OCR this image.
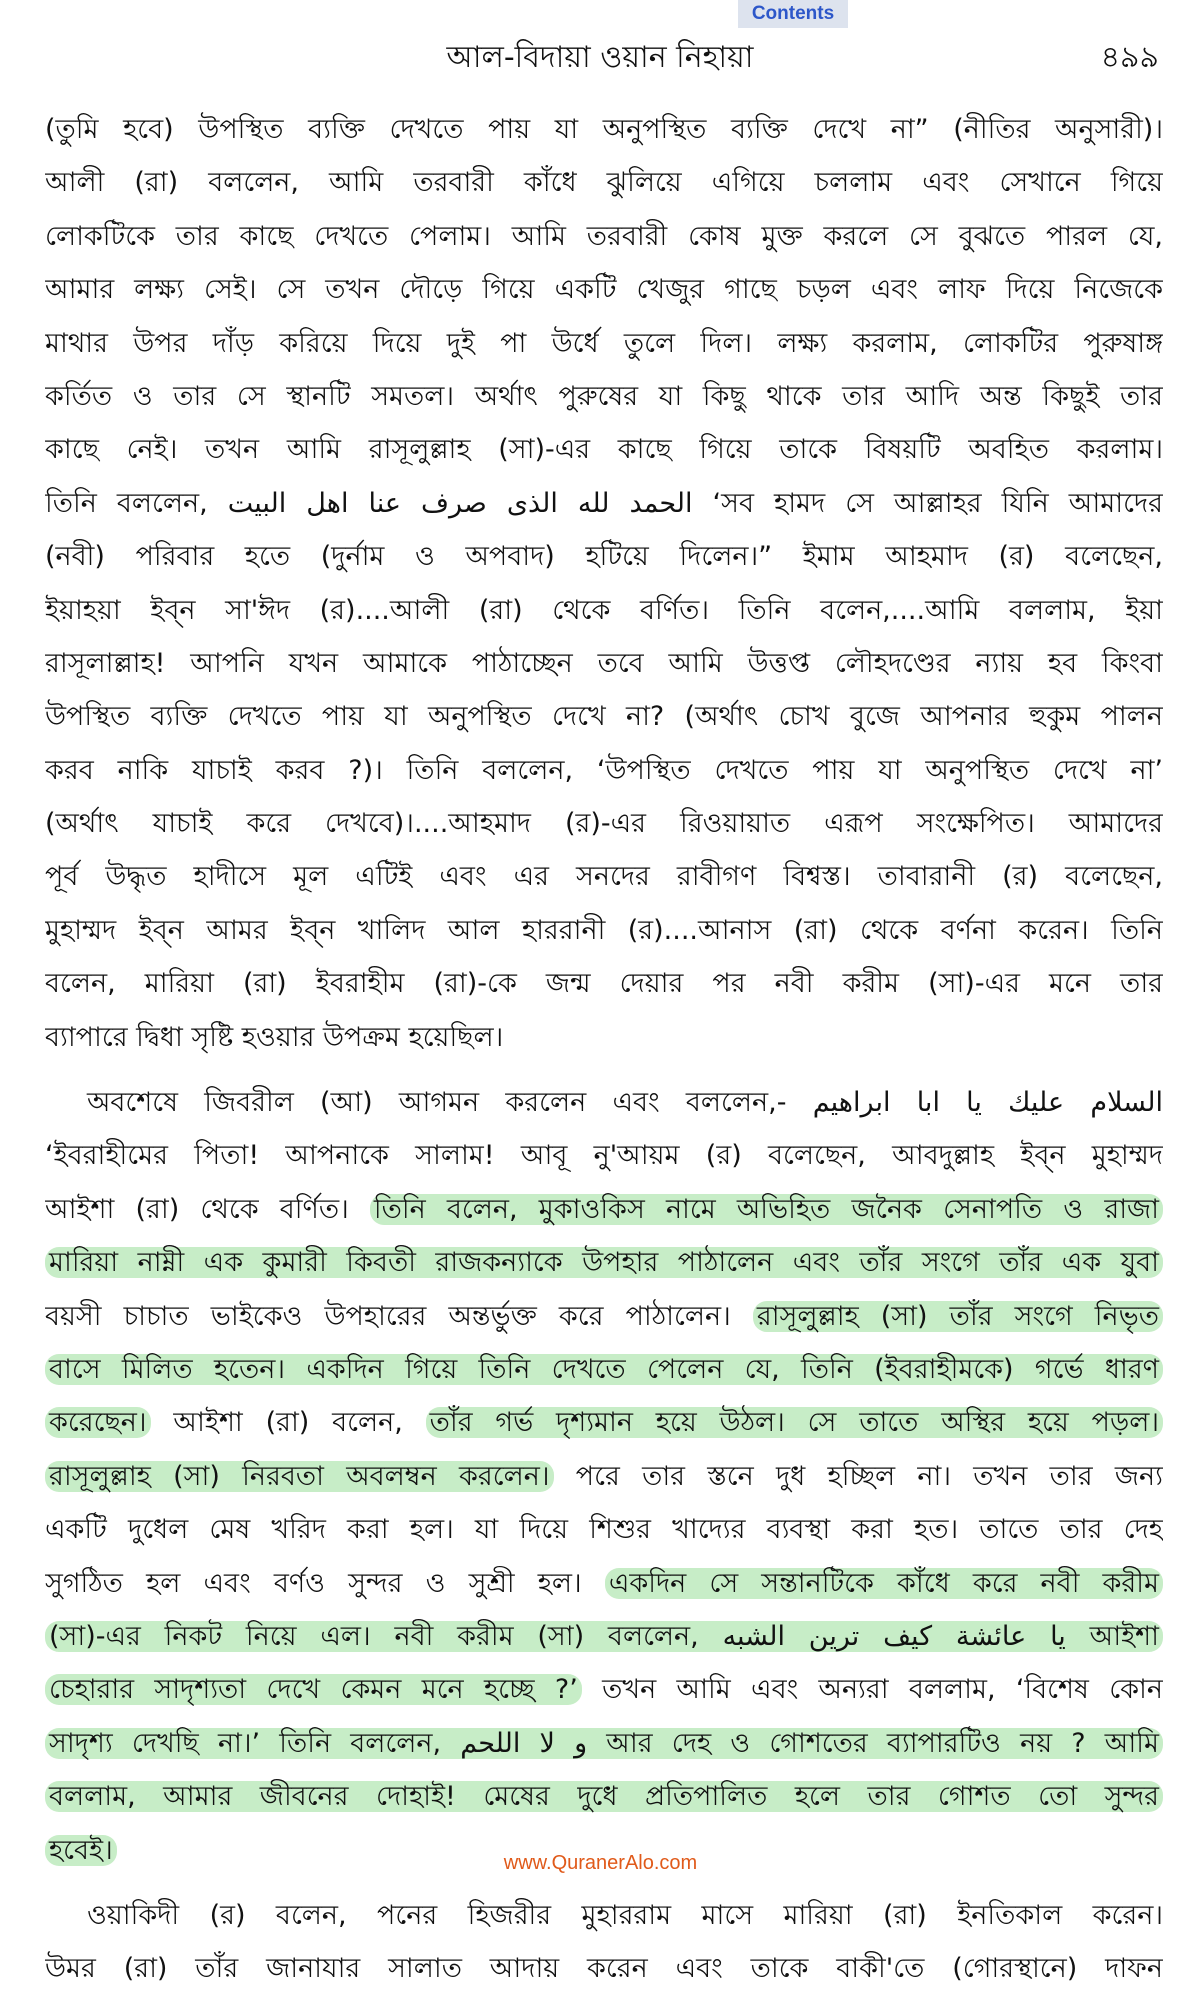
Contents
আল-বিদায়া ওয়ান নিহায়া	৪৯৯
(তুমি হবে) উপস্থিত ব্যক্তি দেখতে পায় যা অনুপস্থিত ব্যক্তি দেখে না” (নীতির অনুসারী)।
আলী (রা) বললেন, আমি তরবারী কাঁধে ঝুলিয়ে এগিয়ে চললাম এবং সেখানে গিয়ে
লোকটিকে তার কাছে দেখতে পেলাম। আমি তরবারী কোষ মুক্ত করলে সে বুঝতে পারল যে,
আমার লক্ষ্য সেই। সে তখন দৌড়ে গিয়ে একটি খেজুর গাছে চড়ল এবং লাফ দিয়ে নিজেকে
মাথার উপর দাঁড় করিয়ে দিয়ে দুই পা উর্ধে তুলে দিল। লক্ষ্য করলাম, লোকটির পুরুষাঙ্গ
কর্তিত ও তার সে স্থানটি সমতল। অর্থাৎ পুরুষের যা কিছু থাকে তার আদি অন্ত কিছুই তার
কাছে নেই। তখন আমি রাসূলুল্লাহ (সা)-এর কাছে গিয়ে তাকে বিষয়টি অবহিত করলাম।
তিনি বললেন, الحمد لله الذى صرف عنا اهل البيت ‘সব হামদ সে আল্লাহর যিনি আমাদের
(নবী) পরিবার হতে (দুর্নাম ও অপবাদ) হটিয়ে দিলেন।” ইমাম আহমাদ (র) বলেছেন,
ইয়াহয়া ইব্‌ন সা'ঈদ (র)....আলী (রা) থেকে বর্ণিত। তিনি বলেন,....আমি বললাম, ইয়া
রাসূলাল্লাহ! আপনি যখন আমাকে পাঠাচ্ছেন তবে আমি উত্তপ্ত লৌহদণ্ডের ন্যায় হব কিংবা
উপস্থিত ব্যক্তি দেখতে পায় যা অনুপস্থিত দেখে না? (অর্থাৎ চোখ বুজে আপনার হুকুম পালন
করব নাকি যাচাই করব ?)। তিনি বললেন, ‘উপস্থিত দেখতে পায় যা অনুপস্থিত দেখে না’
(অর্থাৎ যাচাই করে দেখবে)।....আহমাদ (র)-এর রিওয়ায়াত এরূপ সংক্ষেপিত। আমাদের
পূর্ব উদ্ধৃত হাদীসে মূল এটিই এবং এর সনদের রাবীগণ বিশ্বস্ত। তাবারানী (র) বলেছেন,
মুহাম্মদ ইব্‌ন আমর ইব্‌ন খালিদ আল হাররানী (র)....আনাস (রা) থেকে বর্ণনা করেন। তিনি
বলেন, মারিয়া (রা) ইবরাহীম (রা)-কে জন্ম দেয়ার পর নবী করীম (সা)-এর মনে তার
ব্যাপারে দ্বিধা সৃষ্টি হওয়ার উপক্রম হয়েছিল।
অবশেষে জিবরীল (আ) আগমন করলেন এবং বললেন,- السلام عليك يا ابا ابراهيم
‘ইবরাহীমের পিতা! আপনাকে সালাম! আবূ নু'আয়ম (র) বলেছেন, আবদুল্লাহ ইব্‌ন মুহাম্মদ
আইশা (রা) থেকে বর্ণিত। তিনি বলেন, মুকাওকিস নামে অভিহিত জনৈক সেনাপতি ও রাজা
মারিয়া নাম্নী এক কুমারী কিবতী রাজকন্যাকে উপহার পাঠালেন এবং তাঁর সংগে তাঁর এক যুবা
বয়সী চাচাত ভাইকেও উপহারের অন্তর্ভুক্ত করে পাঠালেন। রাসূলুল্লাহ (সা) তাঁর সংগে নিভৃত
বাসে মিলিত হতেন। একদিন গিয়ে তিনি দেখতে পেলেন যে, তিনি (ইবরাহীমকে) গর্ভে ধারণ
করেছেন। আইশা (রা) বলেন, তাঁর গর্ভ দৃশ্যমান হয়ে উঠল। সে তাতে অস্থির হয়ে পড়ল।
রাসূলুল্লাহ (সা) নিরবতা অবলম্বন করলেন। পরে তার স্তনে দুধ হচ্ছিল না। তখন তার জন্য
একটি দুধেল মেষ খরিদ করা হল। যা দিয়ে শিশুর খাদ্যের ব্যবস্থা করা হত। তাতে তার দেহ
সুগঠিত হল এবং বর্ণও সুন্দর ও সুশ্রী হল। একদিন সে সন্তানটিকে কাঁধে করে নবী করীম
(সা)-এর নিকট নিয়ে এল। নবী করীম (সা) বললেন, يا عائشة كيف ترين الشبه আইশা
চেহারার সাদৃশ্যতা দেখে কেমন মনে হচ্ছে ?’ তখন আমি এবং অন্যরা বললাম, ‘বিশেষ কোন
সাদৃশ্য দেখছি না।’ তিনি বললেন, و لا اللحم আর দেহ ও গোশতের ব্যাপারটিও নয় ? আমি
বললাম, আমার জীবনের দোহাই! মেষের দুধে প্রতিপালিত হলে তার গোশত তো সুন্দর
হবেই।
ওয়াকিদী (র) বলেন, পনের হিজরীর মুহাররাম মাসে মারিয়া (রা) ইনতিকাল করেন।
উমর (রা) তাঁর জানাযার সালাত আদায় করেন এবং তাকে বাকী'তে (গোরস্থানে) দাফন
www.QuranerAlo.com
